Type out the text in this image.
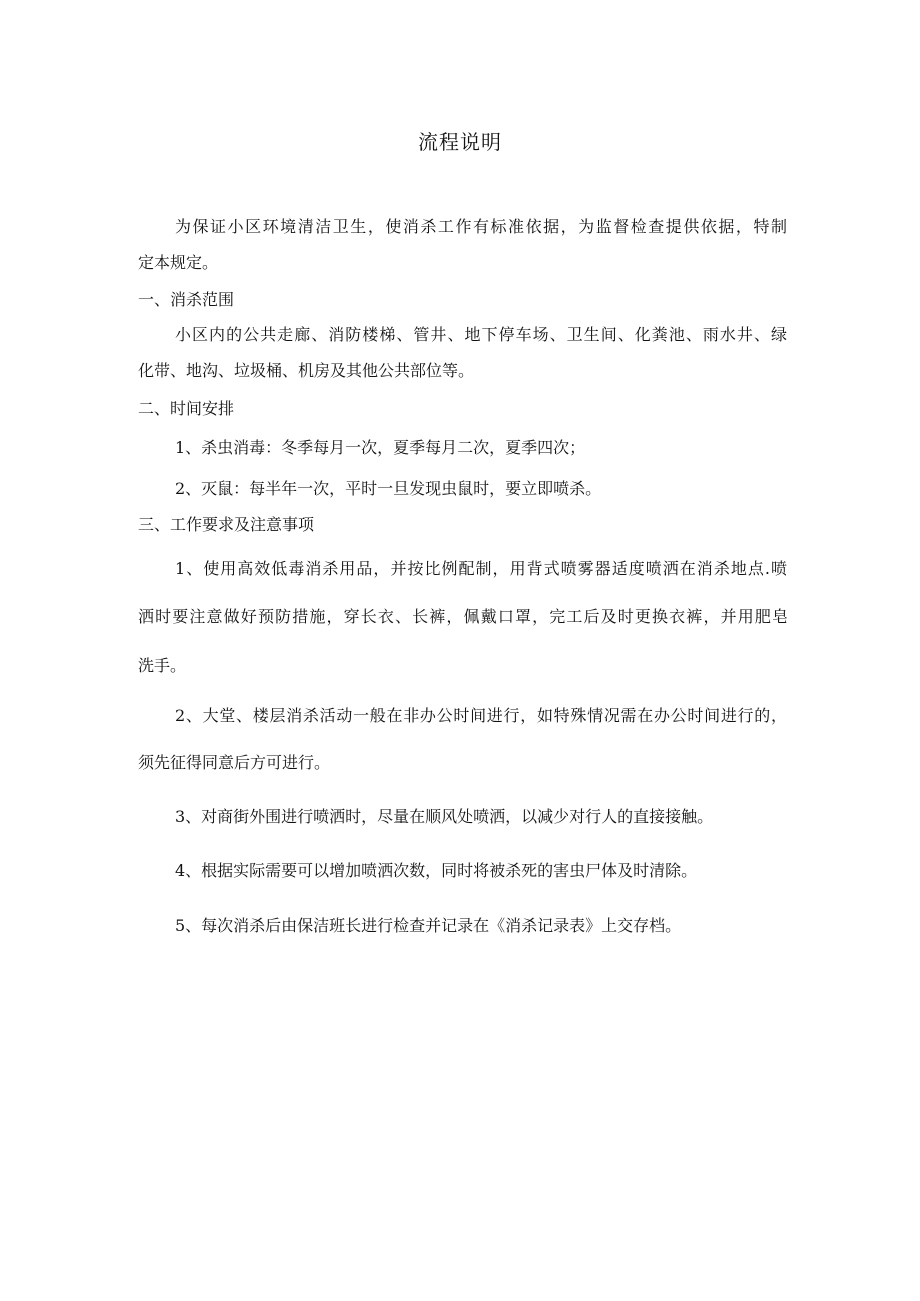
流程说明
为保证小区环境清洁卫生，使消杀工作有标准依据，为监督检查提供依据，特制
定本规定。
一、消杀范围
小区内的公共走廊、消防楼梯、管井、地下停车场、卫生间、化粪池、雨水井、绿
化带、地沟、垃圾桶、机房及其他公共部位等。
二、时间安排
1、杀虫消毒：冬季每月一次，夏季每月二次，夏季四次；
2、灭鼠：每半年一次，平时一旦发现虫鼠时，要立即喷杀。
三、工作要求及注意事项
1、使用高效低毒消杀用品，并按比例配制，用背式喷雾器适度喷洒在消杀地点.喷
洒时要注意做好预防措施，穿长衣、长裤，佩戴口罩，完工后及时更换衣裤，并用肥皂
洗手。
2、大堂、楼层消杀活动一般在非办公时间进行，如特殊情况需在办公时间进行的，
须先征得同意后方可进行。
3、对商街外围进行喷洒时，尽量在顺风处喷洒，以减少对行人的直接接触。
4、根据实际需要可以增加喷洒次数，同时将被杀死的害虫尸体及时清除。
5、每次消杀后由保洁班长进行检查并记录在《消杀记录表》上交存档。
